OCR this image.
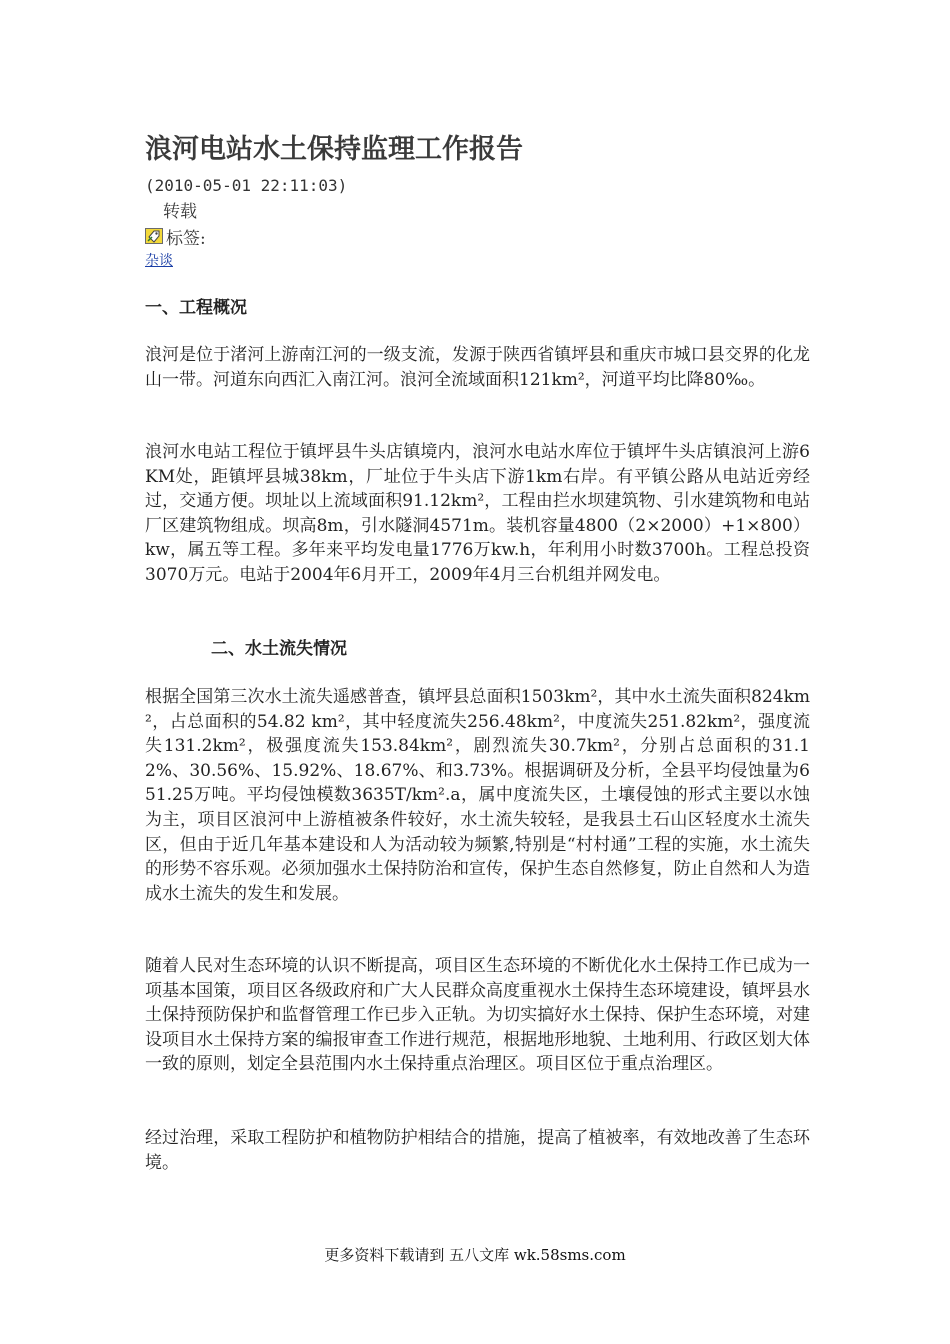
浪河电站水土保持监理工作报告
(2010-05-01 22:11:03)
转载
标签:
杂谈
一、工程概况

浪河是位于渚河上游南江河的一级支流，发源于陕西省镇坪县和重庆市城口县交界的化龙山一带。河道东向西汇入南江河。浪河全流域面积121km²，河道平均比降80‰。

浪河水电站工程位于镇坪县牛头店镇境内，浪河水电站水库位于镇坪牛头店镇浪河上游6KM处，距镇坪县城38km，厂址位于牛头店下游1km右岸。有平镇公路从电站近旁经过，交通方便。坝址以上流域面积91.12km²，工程由拦水坝建筑物、引水建筑物和电站厂区建筑物组成。坝高8m，引水隧洞4571m。装机容量4800（2×2000）+1×800）kw，属五等工程。多年来平均发电量1776万kw.h，年利用小时数3700h。工程总投资3070万元。电站于2004年6月开工，2009年4月三台机组并网发电。

二、水土流失情况

根据全国第三次水土流失遥感普查，镇坪县总面积1503km²，其中水土流失面积824km²，占总面积的54.82 km²，其中轻度流失256.48km²，中度流失251.82km²，强度流失131.2km²，极强度流失153.84km²，剧烈流失30.7km²，分别占总面积的31.12%、30.56%、15.92%、18.67%、和3.73%。根据调研及分析，全县平均侵蚀量为651.25万吨。平均侵蚀模数3635T/km².a，属中度流失区，土壤侵蚀的形式主要以水蚀为主，项目区浪河中上游植被条件较好，水土流失较轻，是我县土石山区轻度水土流失区，但由于近几年基本建设和人为活动较为频繁,特别是“村村通”工程的实施，水土流失的形势不容乐观。必须加强水土保持防治和宣传，保护生态自然修复，防止自然和人为造成水土流失的发生和发展。

随着人民对生态环境的认识不断提高，项目区生态环境的不断优化水土保持工作已成为一项基本国策，项目区各级政府和广大人民群众高度重视水土保持生态环境建设，镇坪县水土保持预防保护和监督管理工作已步入正轨。为切实搞好水土保持、保护生态环境，对建设项目水土保持方案的编报审查工作进行规范，根据地形地貌、土地利用、行政区划大体一致的原则，划定全县范围内水土保持重点治理区。项目区位于重点治理区。

经过治理，采取工程防护和植物防护相结合的措施，提高了植被率，有效地改善了生态环境。

更多资料下载请到 五八文库 wk.58sms.com
